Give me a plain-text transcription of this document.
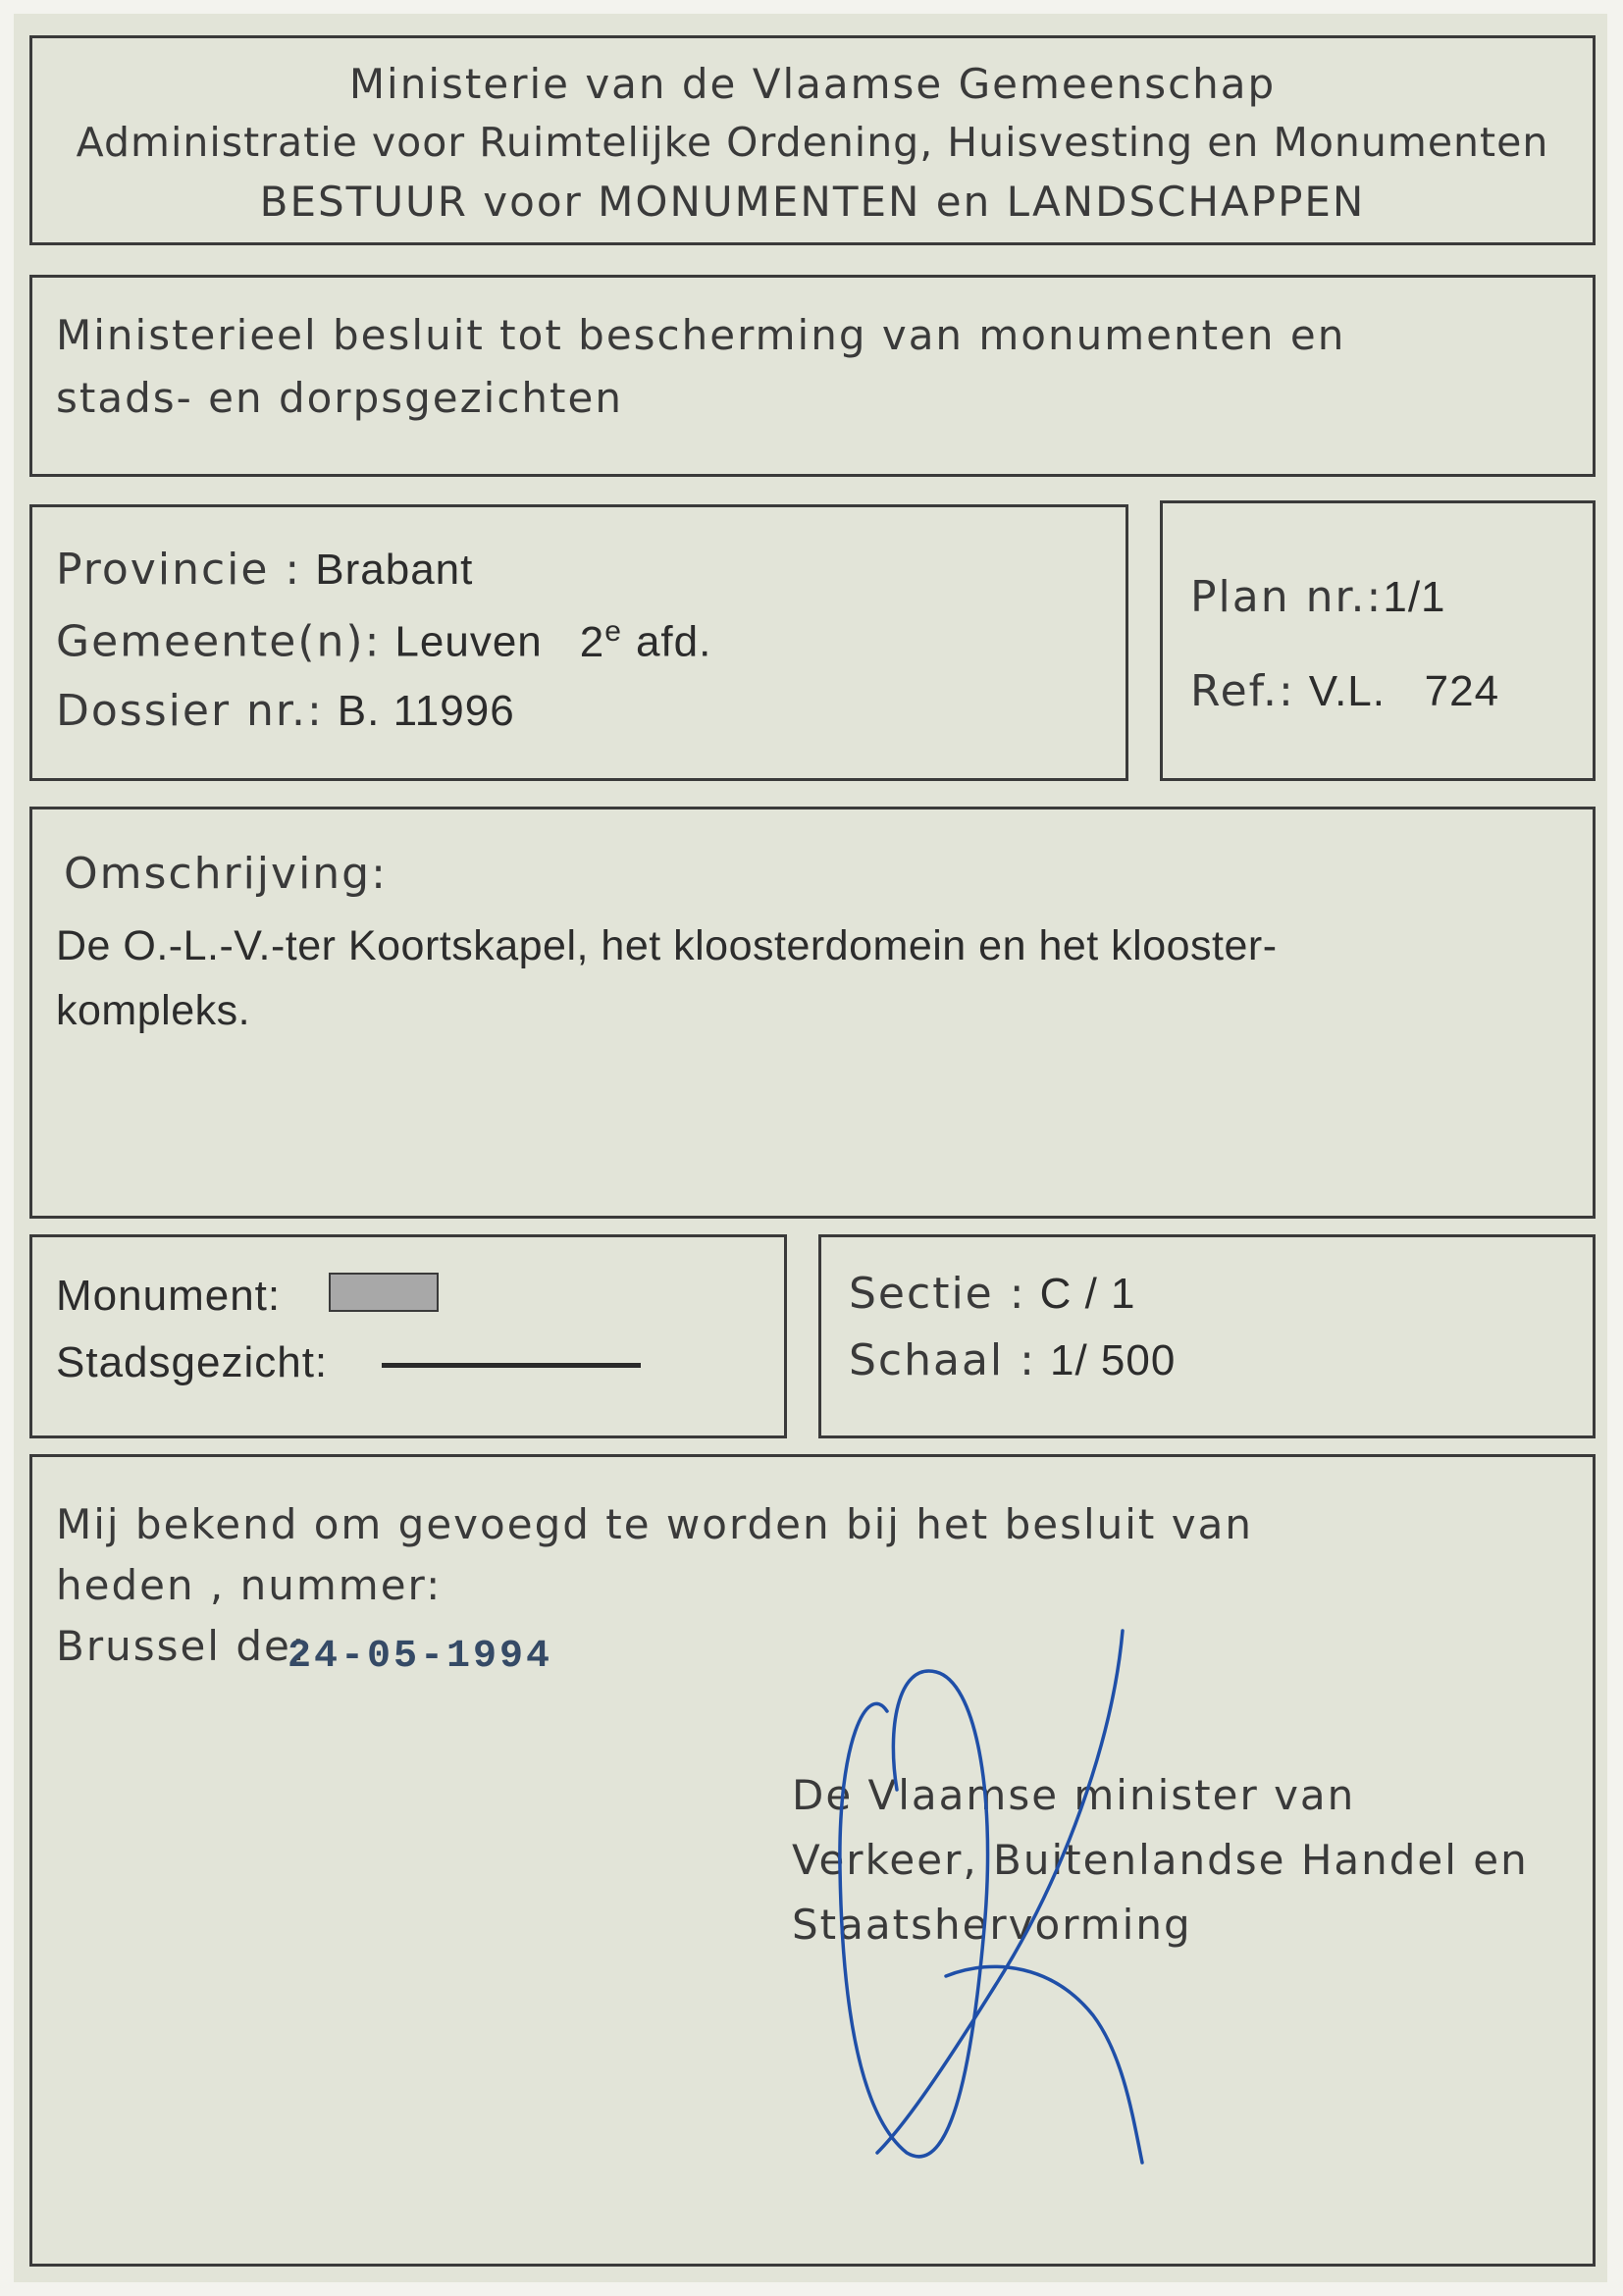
Ministerie van de Vlaamse Gemeenschap
Administratie voor Ruimtelijke Ordening, Huisvesting en Monumenten
BESTUUR voor MONUMENTEN en LANDSCHAPPEN
Ministerieel besluit tot bescherming van monumenten en
stads- en dorpsgezichten
Provincie : Brabant
Gemeente(n): Leuven 2e afd.
Dossier nr.: B. 11996
Plan nr.:1/1
Ref.: V.L.   724
Omschrijving:
De O.-L.-V.-ter Koortskapel, het kloosterdomein en het klooster-
kompleks.
Monument:
Stadsgezicht:
Sectie : C / 1
Schaal : 1/ 500
Mij bekend om gevoegd te worden bij het besluit van
heden , nummer:
Brussel de:
24-05-1994
De Vlaamse minister van
Verkeer, Buitenlandse Handel en
Staatshervorming
